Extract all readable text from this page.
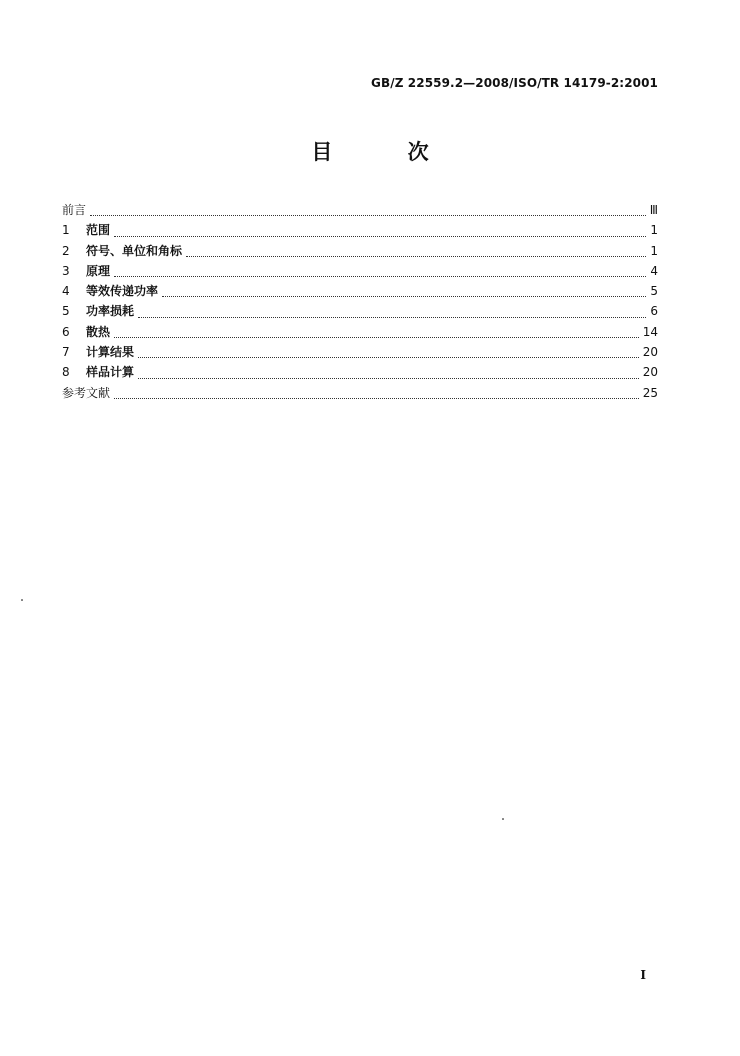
GB/Z 22559.2—2008/ISO/TR 14179-2:2001
目 次
前言	Ⅲ
1	范围	1
2	符号、单位和角标	1
3	原理	4
4	等效传递功率	5
5	功率损耗	6
6	散热	14
7	计算结果	20
8	样品计算	20
参考文献	25
Ⅰ
